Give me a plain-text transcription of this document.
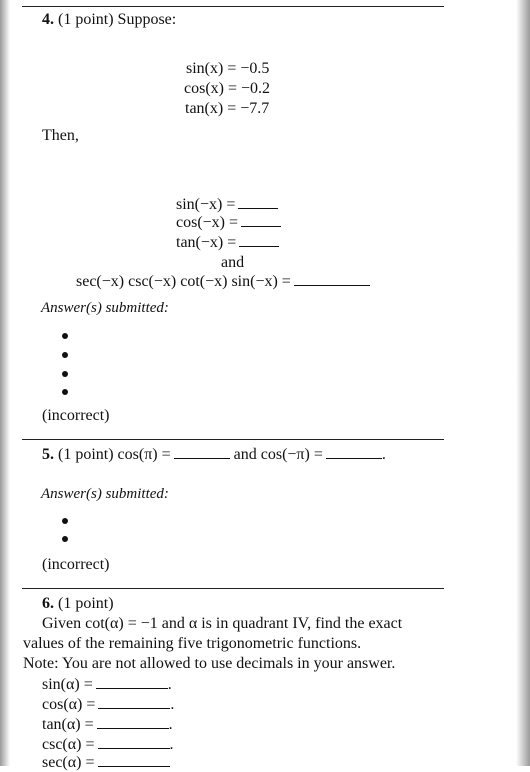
4. (1 point) Suppose:
sin(x) = −0.5
cos(x) = −0.2
tan(x) = −7.7
Then,
sin(−x) =
cos(−x) =
tan(−x) =
and
sec(−x) csc(−x) cot(−x) sin(−x) =
Answer(s) submitted:
(incorrect)
5. (1 point) cos(π) =	and cos(−π) =	.
Answer(s) submitted:
(incorrect)
6. (1 point)
Given cot(α) = −1 and α is in quadrant IV, find the exact
values of the remaining five trigonometric functions.
Note: You are not allowed to use decimals in your answer.
sin(α) =	.
cos(α) =	.
tan(α) =	.
csc(α) =	.
sec(α) =
